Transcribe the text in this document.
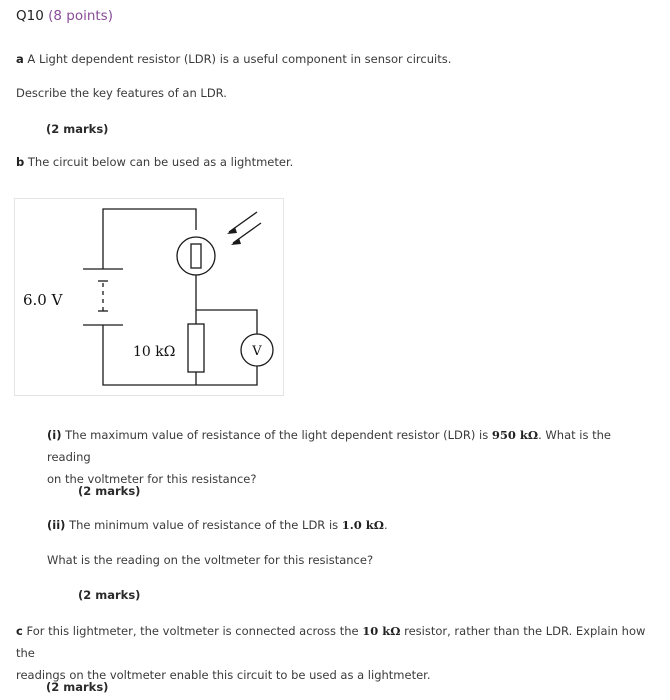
Q10 (8 points)
a A Light dependent resistor (LDR) is a useful component in sensor circuits.
Describe the key features of an LDR.
(2 marks)
b The circuit below can be used as a lightmeter.
6.0 V
10 kΩ	V
(i) The maximum value of resistance of the light dependent resistor (LDR) is 950 kΩ. What is the reading
on the voltmeter for this resistance?
(2 marks)
(ii) The minimum value of resistance of the LDR is 1.0 kΩ.
What is the reading on the voltmeter for this resistance?
(2 marks)
c For this lightmeter, the voltmeter is connected across the 10 kΩ resistor, rather than the LDR. Explain how the
readings on the voltmeter enable this circuit to be used as a lightmeter.
(2 marks)
